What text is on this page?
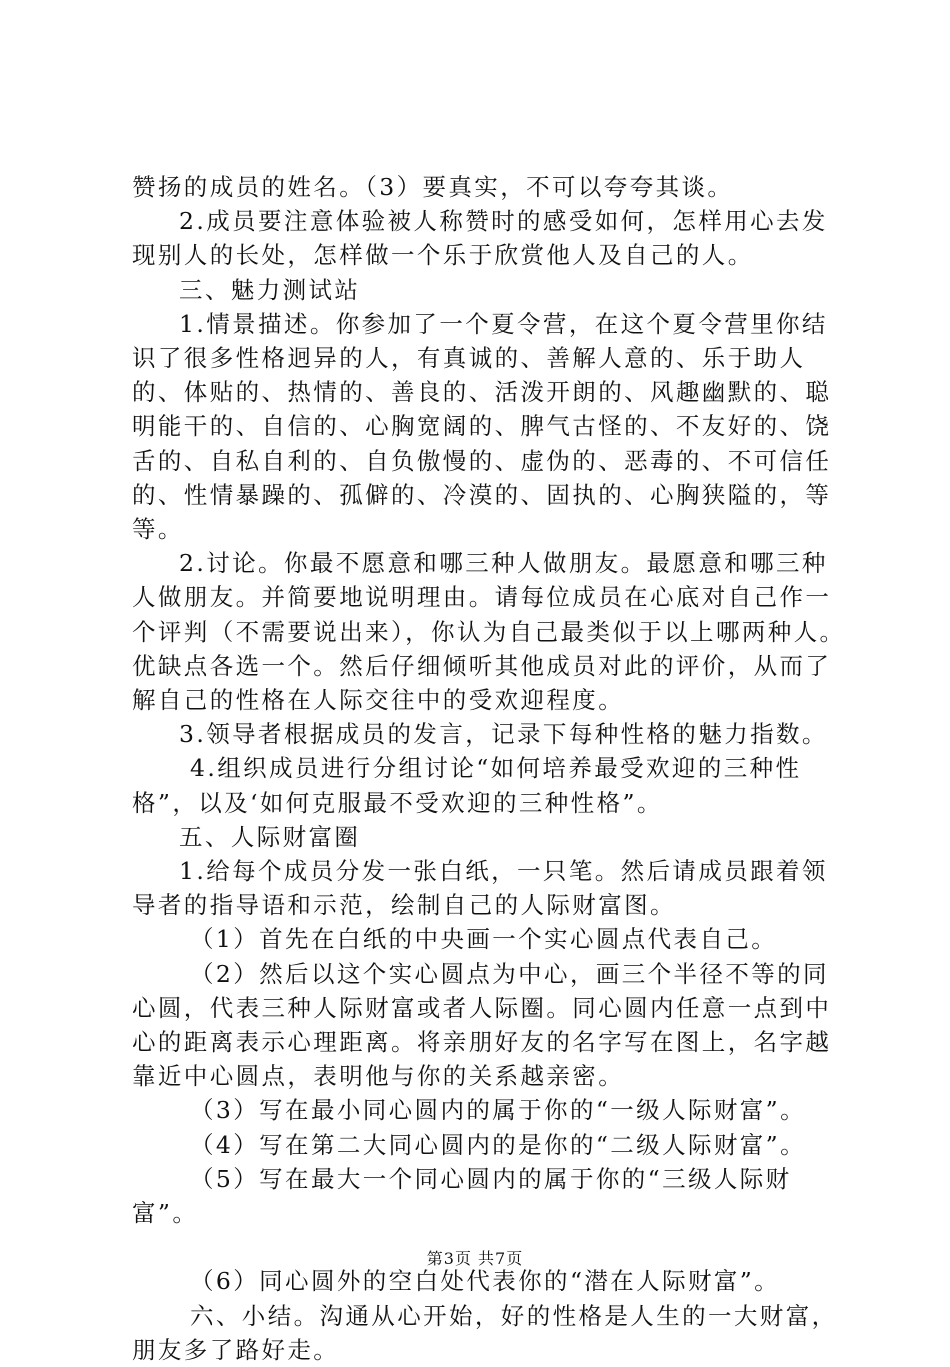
赞扬的成员的姓名。（3）要真实，不可以夸夸其谈。

2.成员要注意体验被人称赞时的感受如何，怎样用心去发现别人的长处，怎样做一个乐于欣赏他人及自己的人。

三、魅力测试站

1.情景描述。你参加了一个夏令营，在这个夏令营里你结识了很多性格迥异的人，有真诚的、善解人意的、乐于助人的、体贴的、热情的、善良的、活泼开朗的、风趣幽默的、聪明能干的、自信的、心胸宽阔的、脾气古怪的、不友好的、饶舌的、自私自利的、自负傲慢的、虚伪的、恶毒的、不可信任的、性情暴躁的、孤僻的、冷漠的、固执的、心胸狭隘的，等等。

2.讨论。你最不愿意和哪三种人做朋友。最愿意和哪三种人做朋友。并简要地说明理由。请每位成员在心底对自己作一个评判（不需要说出来），你认为自己最类似于以上哪两种人。优缺点各选一个。然后仔细倾听其他成员对此的评价，从而了解自己的性格在人际交往中的受欢迎程度。

3.领导者根据成员的发言，记录下每种性格的魅力指数。

4.组织成员进行分组讨论“如何培养最受欢迎的三种性格”，以及‘如何克服最不受欢迎的三种性格”。

五、人际财富圈

1.给每个成员分发一张白纸，一只笔。然后请成员跟着领导者的指导语和示范，绘制自己的人际财富图。

（1）首先在白纸的中央画一个实心圆点代表自己。

（2）然后以这个实心圆点为中心，画三个半径不等的同心圆，代表三种人际财富或者人际圈。同心圆内任意一点到中心的距离表示心理距离。将亲朋好友的名字写在图上，名字越靠近中心圆点，表明他与你的关系越亲密。

（3）写在最小同心圆内的属于你的“一级人际财富”。

（4）写在第二大同心圆内的是你的“二级人际财富”。

（5）写在最大一个同心圆内的属于你的“三级人际财富”。

（6）同心圆外的空白处代表你的“潜在人际财富”。

六、小结。沟通从心开始，好的性格是人生的一大财富，朋友多了路好走。

第3页 共7页
